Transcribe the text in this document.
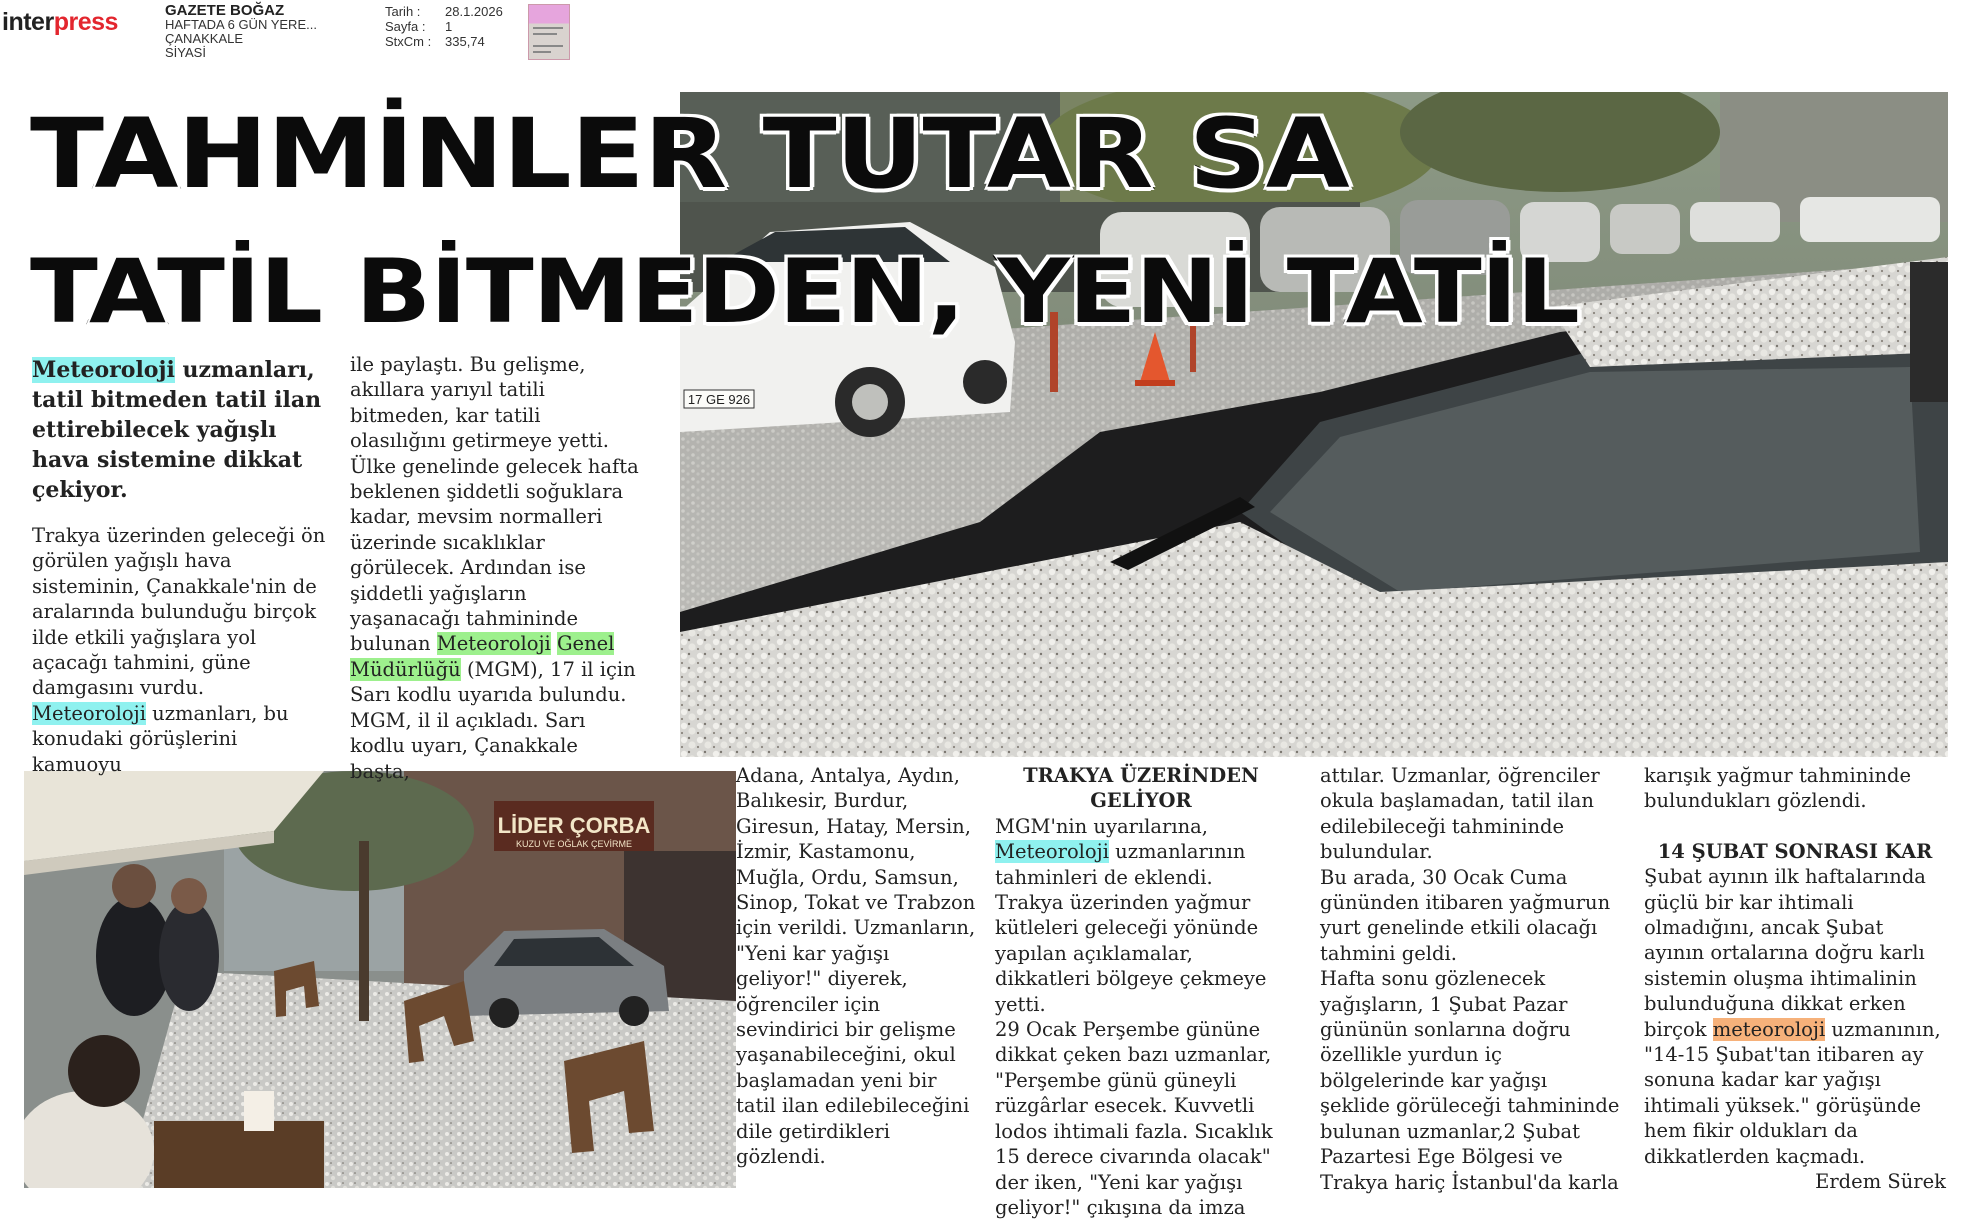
interpress	GAZETE BOĞAZ
HAFTADA 6 GÜN YERE...
ÇANAKKALE
SİYASİ
Tarih :	28.1.2026
Sayfa :	1
StxCm :	335,74
17 GE 926
LİDER ÇORBA
KUZU VE OĞLAK ÇEVİRME
TAHMİNLER TUTAR SA
TATİL BİTMEDEN, YENİ TATİL
Meteoroloji uzmanları, tatil bitmeden tatil ilan ettirebilecek yağışlı hava sistemine dikkat çekiyor.

Trakya üzerinden geleceği ön görülen yağışlı hava sisteminin, Çanakkale'nin de aralarında bulunduğu birçok ilde etkili yağışlara yol açacağı tahmini, güne damgasını vurdu.

Meteoroloji uzmanları, bu konudaki görüşlerini kamuoyu

ile paylaştı. Bu gelişme, akıllara yarıyıl tatili bitmeden, kar tatili olasılığını getirmeye yetti.

Ülke genelinde gelecek hafta beklenen şiddetli soğuklara kadar, mevsim normalleri üzerinde sıcaklıklar görülecek. Ardından ise şiddetli yağışların yaşanacağı tahmininde bulunan Meteoroloji Genel Müdürlüğü (MGM), 17 il için Sarı kodlu uyarıda bulundu.

MGM, il il açıkladı. Sarı kodlu uyarı, Çanakkale başta,	Adana, Antalya, Aydın, Balıkesir, Burdur, Giresun, Hatay, Mersin, İzmir, Kastamonu, Muğla, Ordu, Samsun, Sinop, Tokat ve Trabzon için verildi. Uzmanların, "Yeni kar yağışı geliyor!" diyerek, öğrenciler için sevindirici bir gelişme yaşanabileceğini, okul başlamadan yeni bir tatil ilan edilebileceğini dile getirdikleri gözlendi.

TRAKYA ÜZERİNDEN GELİYOR

MGM'nin uyarılarına, Meteoroloji uzmanlarının tahminleri de eklendi. Trakya üzerinden yağmur kütleleri geleceği yönünde yapılan açıklamalar, dikkatleri bölgeye çekmeye yetti.

29 Ocak Perşembe gününe dikkat çeken bazı uzmanlar, "Perşembe günü güneyli rüzgârlar esecek. Kuvvetli lodos ihtimali fazla. Sıcaklık 15 derece civarında olacak" der iken, "Yeni kar yağışı geliyor!" çıkışına da imza

attılar. Uzmanlar, öğrenciler okula başlamadan, tatil ilan edilebileceği tahmininde bulundular.

Bu arada, 30 Ocak Cuma gününden itibaren yağmurun yurt genelinde etkili olacağı tahmini geldi.

Hafta sonu gözlenecek yağışların, 1 Şubat Pazar gününün sonlarına doğru özellikle yurdun iç bölgelerinde kar yağışı şeklide görüleceği tahmininde bulunan uzmanlar,2 Şubat Pazartesi Ege Bölgesi ve Trakya hariç İstanbul'da karla

karışık yağmur tahmininde bulundukları gözlendi.

14 ŞUBAT SONRASI KAR

Şubat ayının ilk haftalarında güçlü bir kar ihtimali olmadığını, ancak Şubat ayının ortalarına doğru karlı sistemin oluşma ihtimalinin bulunduğuna dikkat erken birçok meteoroloji uzmanının, "14-15 Şubat'tan itibaren ay sonuna kadar kar yağışı ihtimali yüksek." görüşünde hem fikir oldukları da dikkatlerden kaçmadı.

Erdem Sürek
